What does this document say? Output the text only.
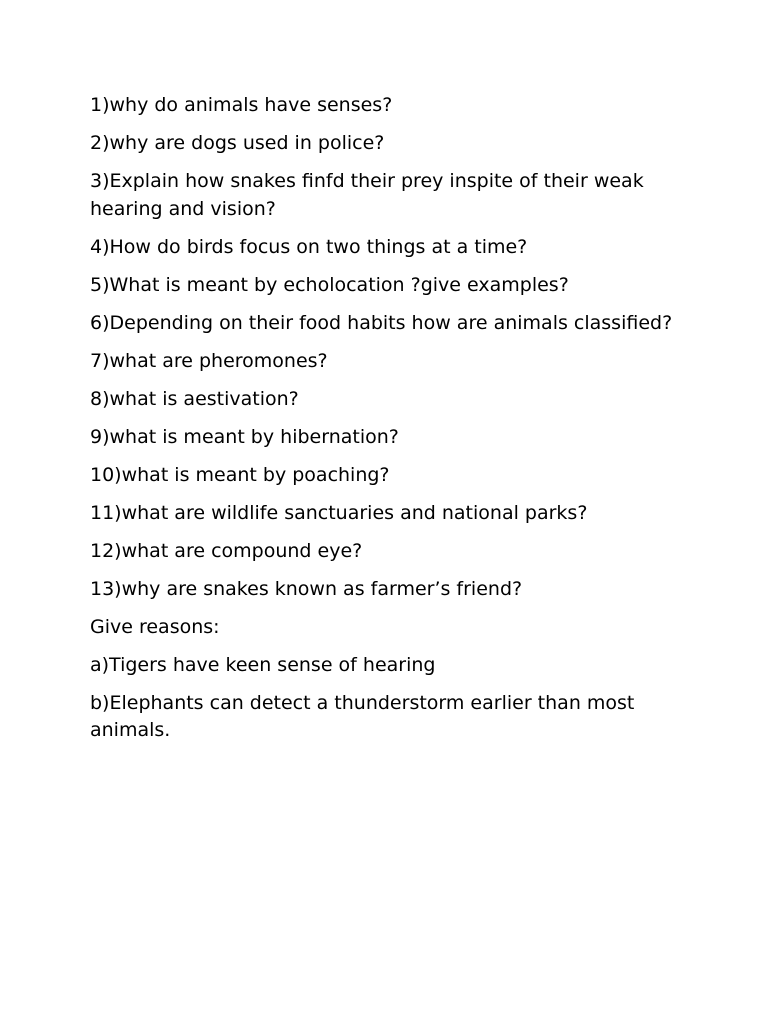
1)why do animals have senses?

2)why are dogs used in police?

3)Explain how snakes finfd their prey inspite of their weak hearing and vision?

4)How do birds focus on two things at a time?

5)What is meant by echolocation ?give examples?

6)Depending on their food habits how are animals classified?

7)what are pheromones?

8)what is aestivation?

9)what is meant by hibernation?

10)what is meant by poaching?

11)what are wildlife sanctuaries and national parks?

12)what are compound eye?

13)why are snakes known as farmer’s friend?

Give reasons:

a)Tigers have keen sense of hearing

b)Elephants can detect a thunderstorm earlier than most animals.
